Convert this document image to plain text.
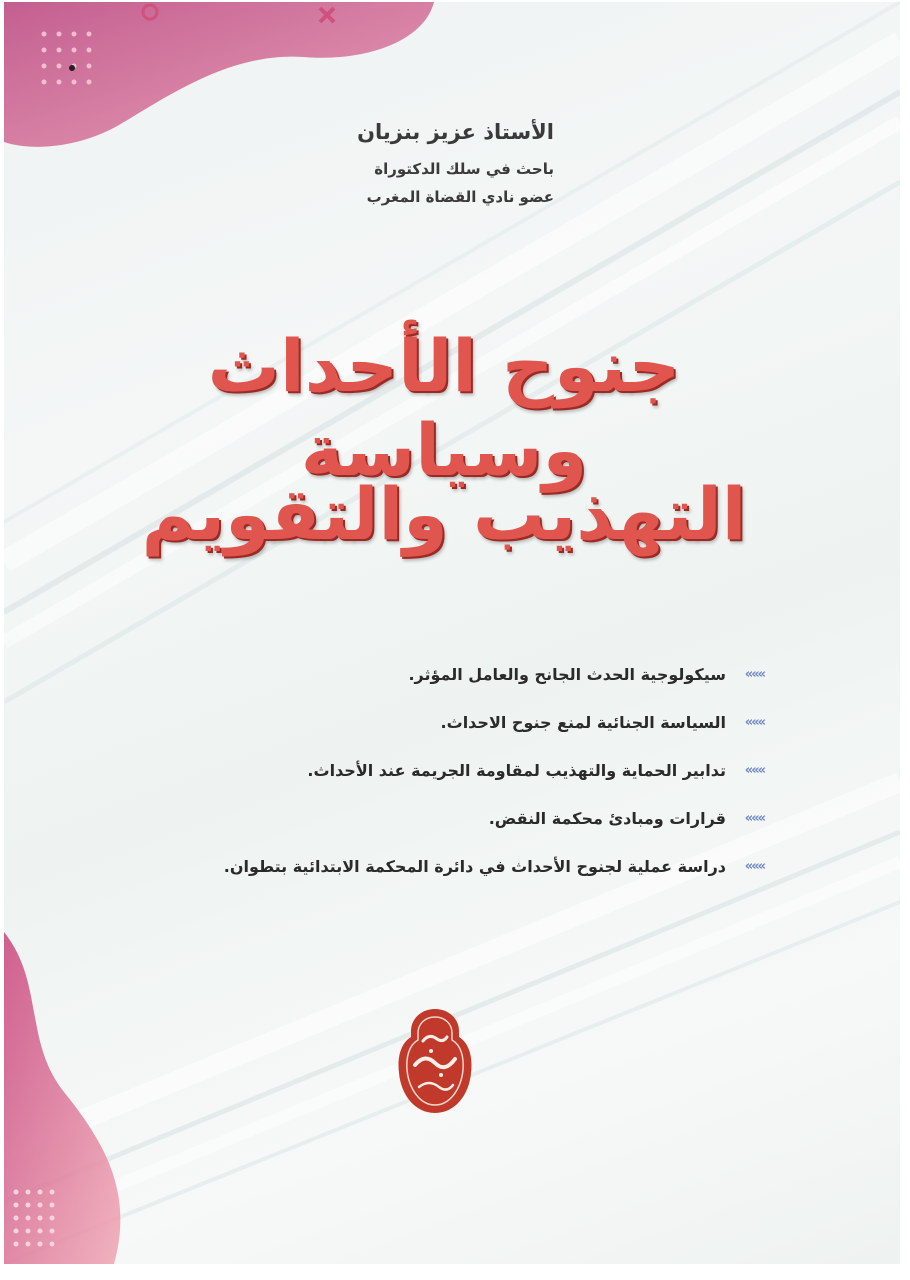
الأستاذ عزيز بنزيان

باحث في سلك الدكتوراة

عضو نادي القضاة المغرب

جنوح الأحداث وسياسة
التهذيب والتقويم
»»»
سيكولوجية الحدث الجانح والعامل المؤثر.
»»»
السياسة الجنائية لمنع جنوح الاحداث.
»»»
تدابير الحماية والتهذيب لمقاومة الجريمة عند الأحداث.
»»»
قرارات ومبادئ محكمة النقض.
»»»
دراسة عملية لجنوح الأحداث في دائرة المحكمة الابتدائية بتطوان.
